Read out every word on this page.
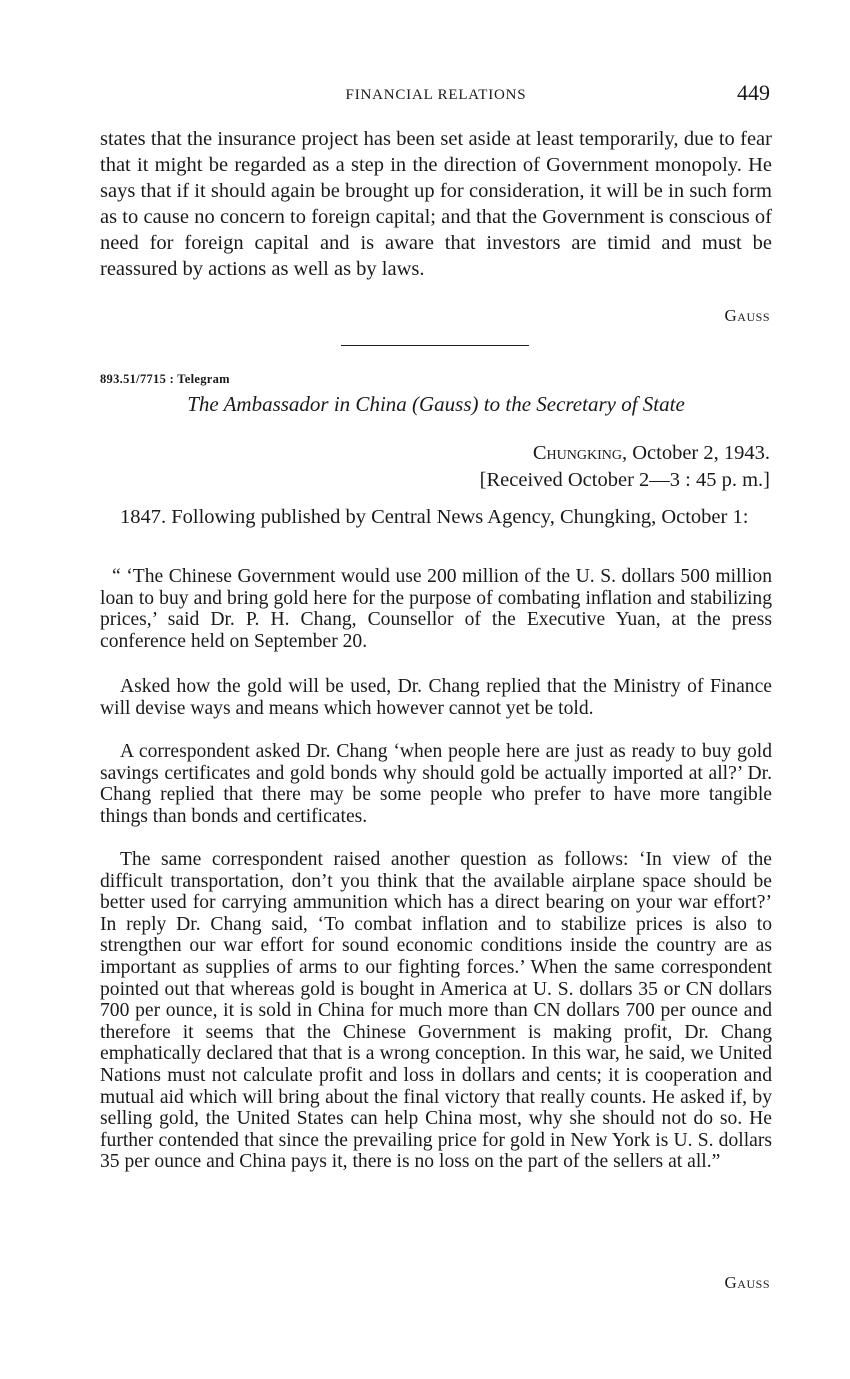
FINANCIAL RELATIONS	449

states that the insurance project has been set aside at least temporarily, due to fear that it might be regarded as a step in the direction of Government monopoly. He says that if it should again be brought up for consideration, it will be in such form as to cause no concern to foreign capital; and that the Government is conscious of need for foreign capital and is aware that investors are timid and must be reassured by actions as well as by laws.

Gauss
893.51/7715 : Telegram
The Ambassador in China (Gauss) to the Secretary of State
Chungking, October 2, 1943.
[Received October 2—3 : 45 p. m.]

1847. Following published by Central News Agency, Chungking, October 1:

“ ‘The Chinese Government would use 200 million of the U. S. dollars 500 million loan to buy and bring gold here for the purpose of combating inflation and stabilizing prices,’ said Dr. P. H. Chang, Counsellor of the Executive Yuan, at the press conference held on September 20.

Asked how the gold will be used, Dr. Chang replied that the Ministry of Finance will devise ways and means which however cannot yet be told.

A correspondent asked Dr. Chang ‘when people here are just as ready to buy gold savings certificates and gold bonds why should gold be actually imported at all?’ Dr. Chang replied that there may be some people who prefer to have more tangible things than bonds and certificates.

The same correspondent raised another question as follows: ‘In view of the difficult transportation, don’t you think that the available airplane space should be better used for carrying ammunition which has a direct bearing on your war effort?’ In reply Dr. Chang said, ‘To combat inflation and to stabilize prices is also to strengthen our war effort for sound economic conditions inside the country are as important as supplies of arms to our fighting forces.’ When the same correspondent pointed out that whereas gold is bought in America at U. S. dollars 35 or CN dollars 700 per ounce, it is sold in China for much more than CN dollars 700 per ounce and therefore it seems that the Chinese Government is making profit, Dr. Chang emphatically declared that that is a wrong conception. In this war, he said, we United Nations must not calculate profit and loss in dollars and cents; it is cooperation and mutual aid which will bring about the final victory that really counts. He asked if, by selling gold, the United States can help China most, why she should not do so. He further contended that since the prevailing price for gold in New York is U. S. dollars 35 per ounce and China pays it, there is no loss on the part of the sellers at all.”

Gauss
